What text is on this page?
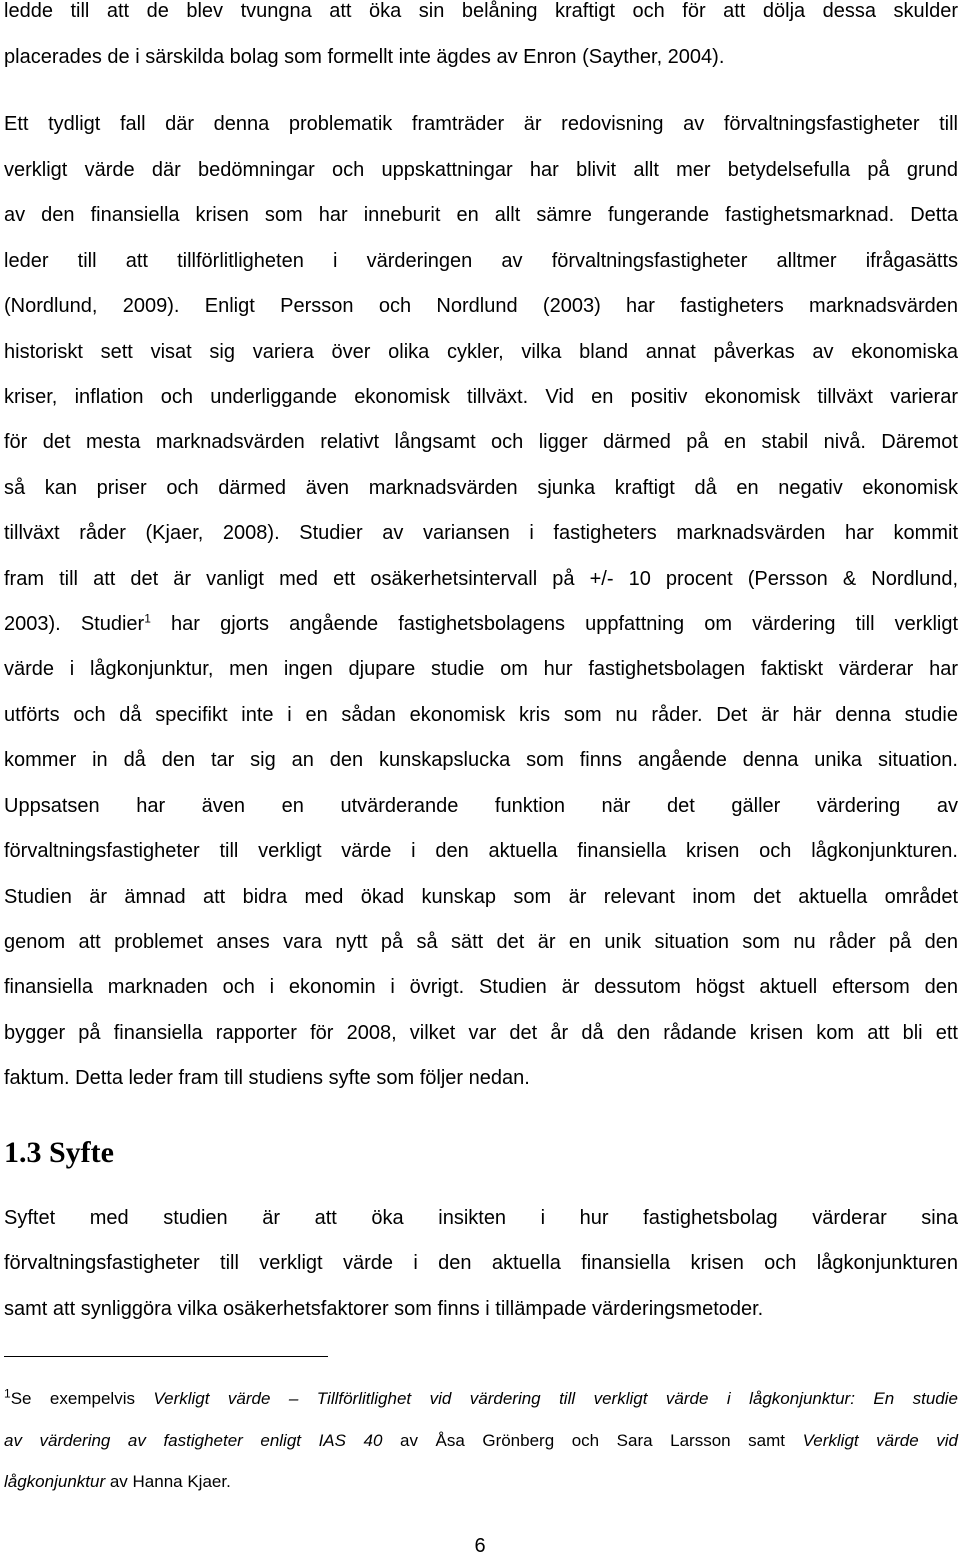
ledde till att de blev tvungna att öka sin belåning kraftigt och för att dölja dessa skulder
placerades de i särskilda bolag som formellt inte ägdes av Enron (Sayther, 2004).
Ett tydligt fall där denna problematik framträder är redovisning av förvaltningsfastigheter till
verkligt värde där bedömningar och uppskattningar har blivit allt mer betydelsefulla på grund
av den finansiella krisen som har inneburit en allt sämre fungerande fastighetsmarknad. Detta
leder till att tillförlitligheten i värderingen av förvaltningsfastigheter alltmer ifrågasätts
(Nordlund, 2009). Enligt Persson och Nordlund (2003) har fastigheters marknadsvärden
historiskt sett visat sig variera över olika cykler, vilka bland annat påverkas av ekonomiska
kriser, inflation och underliggande ekonomisk tillväxt. Vid en positiv ekonomisk tillväxt varierar
för det mesta marknadsvärden relativt långsamt och ligger därmed på en stabil nivå. Däremot
så kan priser och därmed även marknadsvärden sjunka kraftigt då en negativ ekonomisk
tillväxt råder (Kjaer, 2008). Studier av variansen i fastigheters marknadsvärden har kommit
fram till att det är vanligt med ett osäkerhetsintervall på +/- 10 procent (Persson & Nordlund,
2003). Studier$^1$ har gjorts angående fastighetsbolagens uppfattning om värdering till verkligt
värde i lågkonjunktur, men ingen djupare studie om hur fastighetsbolagen faktiskt värderar har
utförts och då specifikt inte i en sådan ekonomisk kris som nu råder. Det är här denna studie
kommer in då den tar sig an den kunskapslucka som finns angående denna unika situation.
Uppsatsen har även en utvärderande funktion när det gäller värdering av
förvaltningsfastigheter till verkligt värde i den aktuella finansiella krisen och lågkonjunkturen.
Studien är ämnad att bidra med ökad kunskap som är relevant inom det aktuella området
genom att problemet anses vara nytt på så sätt det är en unik situation som nu råder på den
finansiella marknaden och i ekonomin i övrigt. Studien är dessutom högst aktuell eftersom den
bygger på finansiella rapporter för 2008, vilket var det år då den rådande krisen kom att bli ett
faktum. Detta leder fram till studiens syfte som följer nedan.
1.3 Syfte
Syftet med studien är att öka insikten i hur fastighetsbolag värderar sina
förvaltningsfastigheter till verkligt värde i den aktuella finansiella krisen och lågkonjunkturen
samt att synliggöra vilka osäkerhetsfaktorer som finns i tillämpade värderingsmetoder.
$^1$Se exempelvis Verkligt värde – Tillförlitlighet vid värdering till verkligt värde i lågkonjunktur: En studie
av värdering av fastigheter enligt IAS 40 av Åsa Grönberg och Sara Larsson samt Verkligt värde vid
lågkonjunktur av Hanna Kjaer.
6
